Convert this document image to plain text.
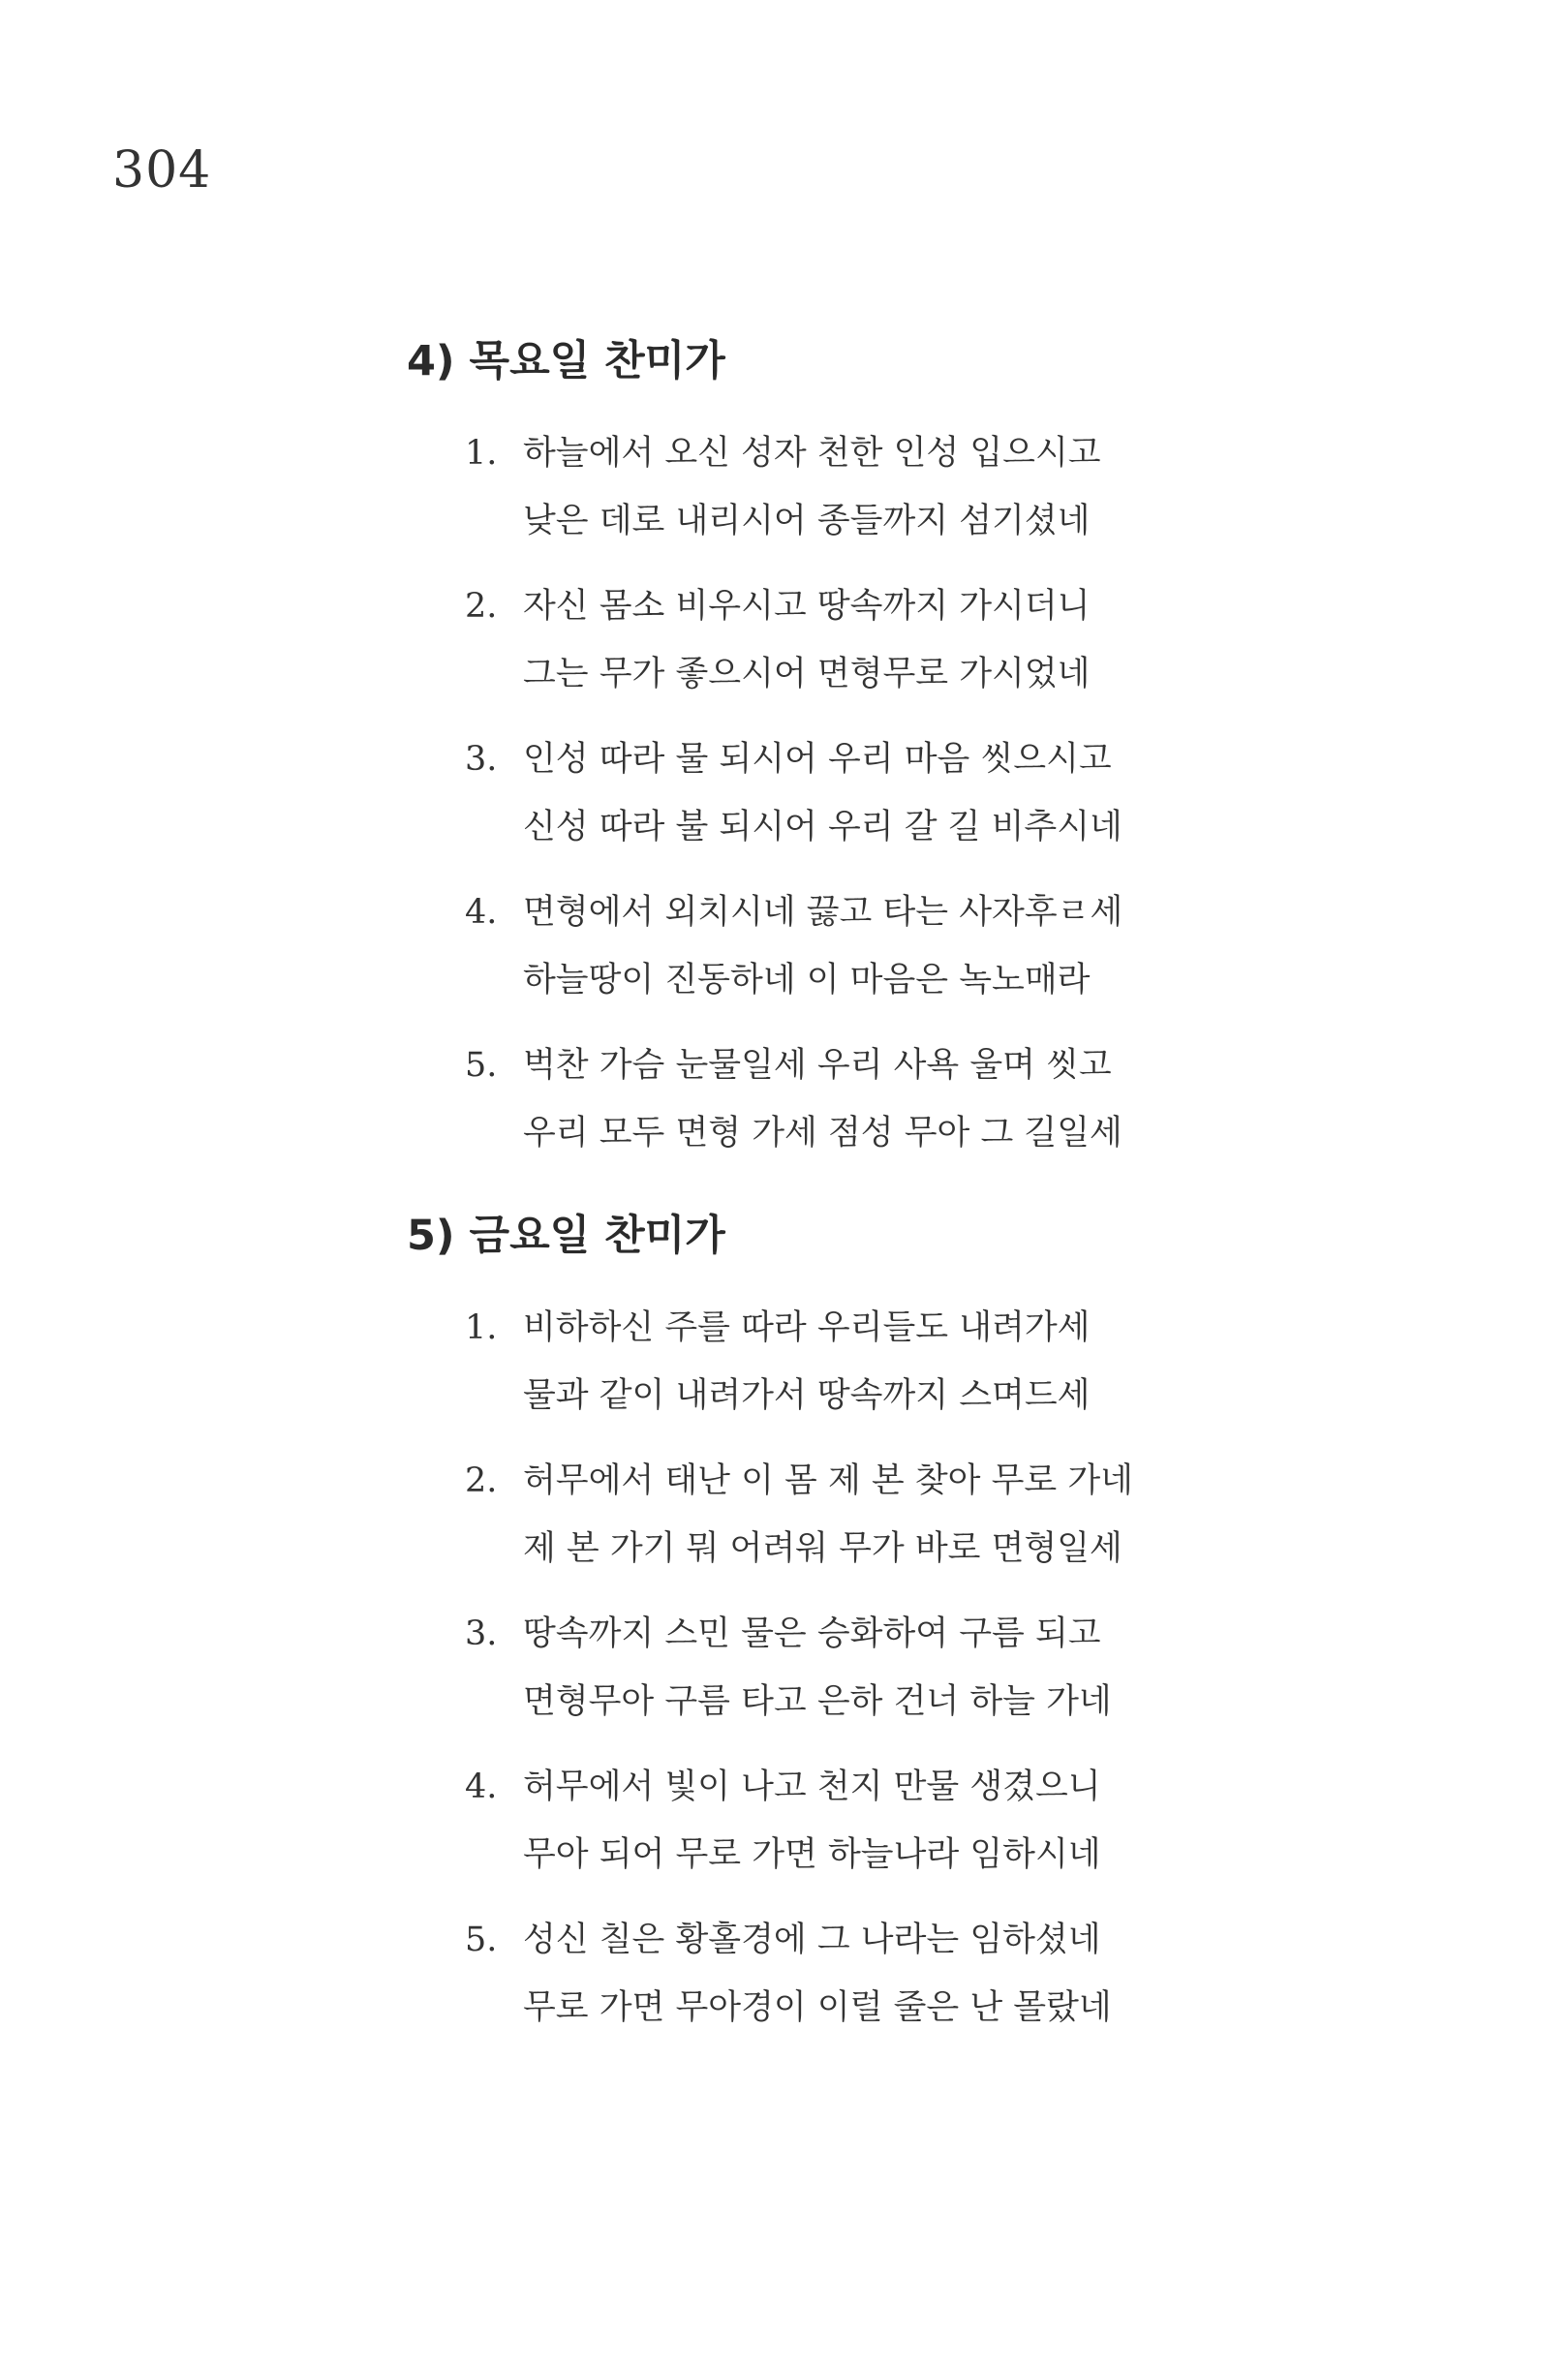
304
4) 목요일 찬미가
1. 하늘에서 오신 성자 천한 인성 입으시고
낮은 데로 내리시어 종들까지 섬기셨네
2. 자신 몸소 비우시고 땅속까지 가시더니
그는 무가 좋으시어 면형무로 가시었네
3. 인성 따라 물 되시어 우리 마음 씻으시고
신성 따라 불 되시어 우리 갈 길 비추시네
4. 면형에서 외치시네 끓고 타는 사자후ㄹ세
하늘땅이 진동하네 이 마음은 녹노매라
5. 벅찬 가슴 눈물일세 우리 사욕 울며 씻고
우리 모두 면형 가세 점성 무아 그 길일세
5) 금요일 찬미가
1. 비하하신 주를 따라 우리들도 내려가세
물과 같이 내려가서 땅속까지 스며드세
2. 허무에서 태난 이 몸 제 본 찾아 무로 가네
제 본 가기 뭐 어려워 무가 바로 면형일세
3. 땅속까지 스민 물은 승화하여 구름 되고
면형무아 구름 타고 은하 건너 하늘 가네
4. 허무에서 빛이 나고 천지 만물 생겼으니
무아 되어 무로 가면 하늘나라 임하시네
5. 성신 칠은 황홀경에 그 나라는 임하셨네
무로 가면 무아경이 이럴 줄은 난 몰랐네
